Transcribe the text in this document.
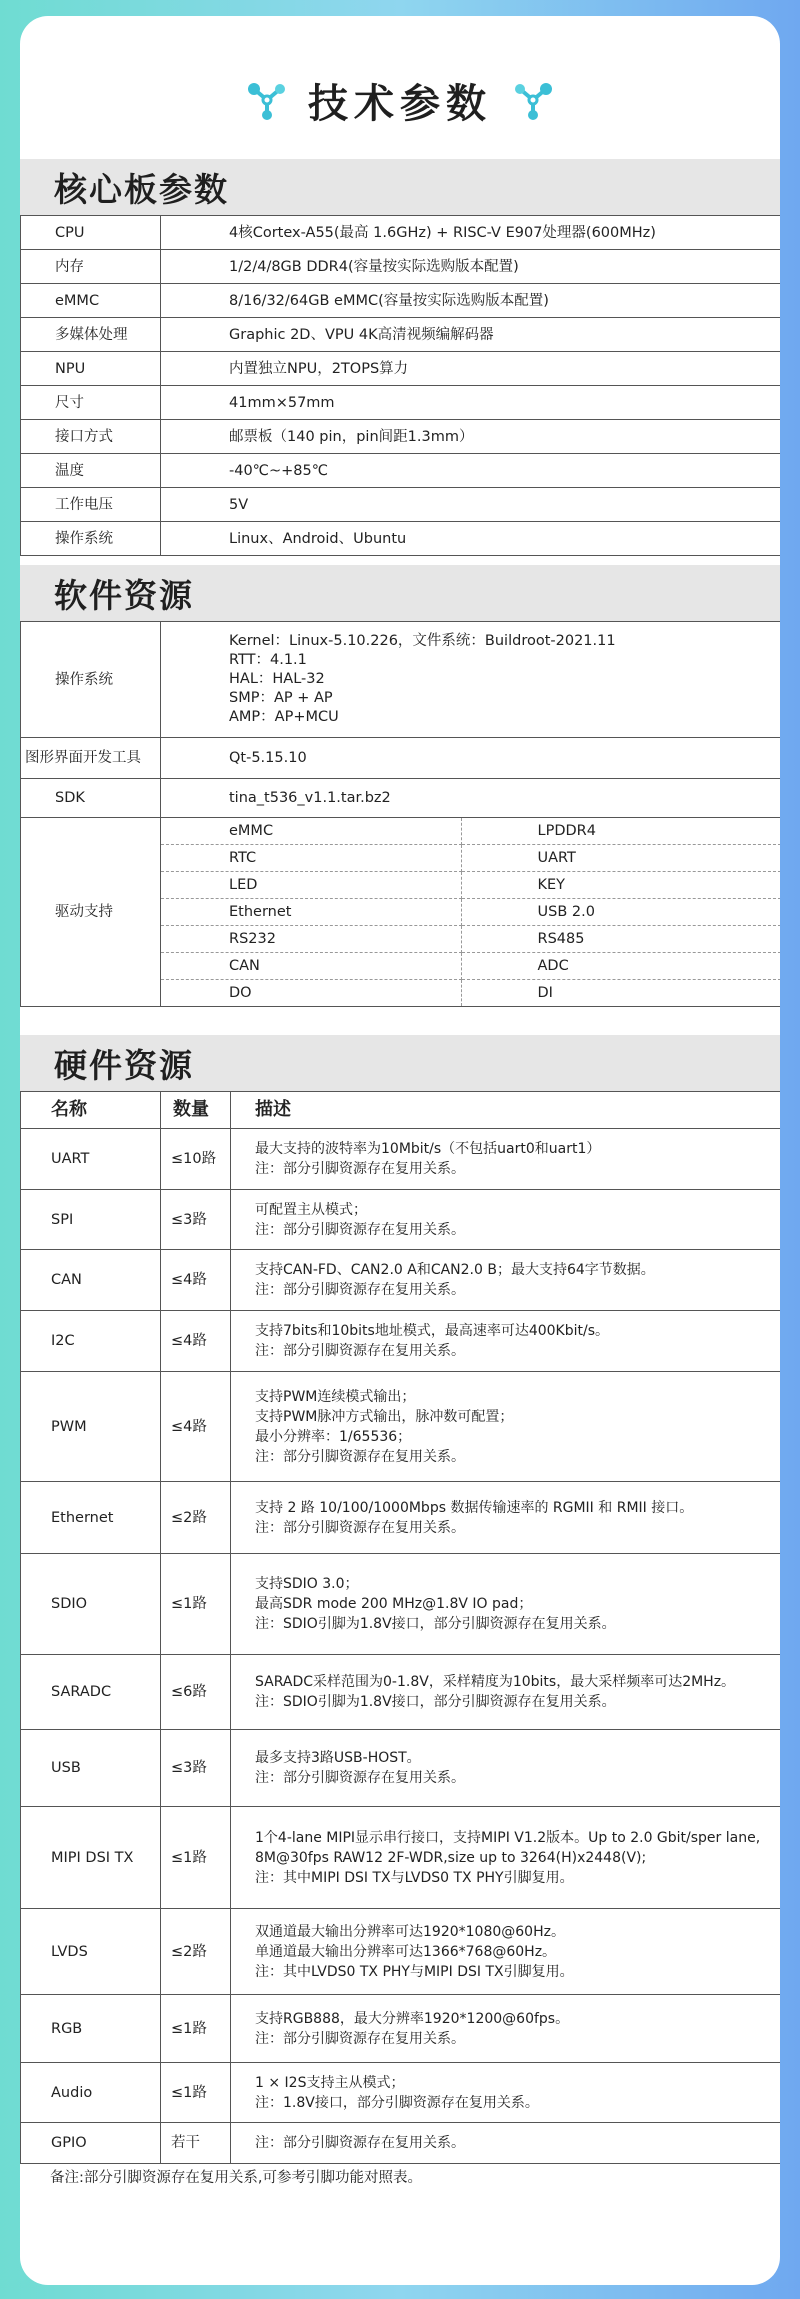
技术参数
核心板参数
CPU	4核Cortex-A55(最高 1.6GHz) + RISC-V E907处理器(600MHz)
内存	1/2/4/8GB DDR4(容量按实际选购版本配置)
eMMC	8/16/32/64GB eMMC(容量按实际选购版本配置)
多媒体处理	Graphic 2D、VPU 4K高清视频编解码器
NPU	内置独立NPU，2TOPS算力
尺寸	41mm×57mm
接口方式	邮票板（140 pin，pin间距1.3mm）
温度	-40℃~+85℃
工作电压	5V
操作系统	Linux、Android、Ubuntu
软件资源
操作系统	
Kernel：Linux-5.10.226，文件系统：Buildroot-2021.11
RTT：4.1.1
HAL：HAL-32
SMP：AP + AP
AMP：AP+MCU

图形界面开发工具	Qt-5.15.10
SDK	tina_t536_v1.1.tar.bz2
驱动支持	
eMMC	LPDDR4
RTC	UART
LED	KEY
Ethernet	USB 2.0
RS232	RS485
CAN	ADC
DO	DI
硬件资源
名称	数量	描述
UART	≤10路	最大支持的波特率为10Mbit/s（不包括uart0和uart1）
注：部分引脚资源存在复用关系。

SPI	≤3路	可配置主从模式；
注：部分引脚资源存在复用关系。

CAN	≤4路	支持CAN-FD、CAN2.0 A和CAN2.0 B；最大支持64字节数据。
注：部分引脚资源存在复用关系。

I2C	≤4路	支持7bits和10bits地址模式，最高速率可达400Kbit/s。
注：部分引脚资源存在复用关系。

PWM	≤4路	支持PWM连续模式输出；
支持PWM脉冲方式输出，脉冲数可配置；
最小分辨率：1/65536；
注：部分引脚资源存在复用关系。

Ethernet	≤2路	支持 2 路 10/100/1000Mbps 数据传输速率的 RGMII 和 RMII 接口。
注：部分引脚资源存在复用关系。

SDIO	≤1路	支持SDIO 3.0；
最高SDR mode 200 MHz@1.8V IO pad；
注：SDIO引脚为1.8V接口，部分引脚资源存在复用关系。

SARADC	≤6路	SARADC采样范围为0-1.8V，采样精度为10bits，最大采样频率可达2MHz。
注：SDIO引脚为1.8V接口，部分引脚资源存在复用关系。

USB	≤3路	最多支持3路USB-HOST。
注：部分引脚资源存在复用关系。

MIPI DSI TX	≤1路	1个4-lane MIPI显示串行接口，支持MIPI V1.2版本。Up to 2.0 Gbit/sper lane,
8M@30fps RAW12 2F-WDR,size up to 3264(H)x2448(V);
注：其中MIPI DSI TX与LVDS0 TX PHY引脚复用。

LVDS	≤2路	双通道最大输出分辨率可达1920*1080@60Hz。
单通道最大输出分辨率可达1366*768@60Hz。
注：其中LVDS0 TX PHY与MIPI DSI TX引脚复用。

RGB	≤1路	支持RGB888，最大分辨率1920*1200@60fps。
注：部分引脚资源存在复用关系。

Audio	≤1路	1 × I2S支持主从模式；
注：1.8V接口，部分引脚资源存在复用关系。

GPIO	若干	注：部分引脚资源存在复用关系。
备注:部分引脚资源存在复用关系,可参考引脚功能对照表。
